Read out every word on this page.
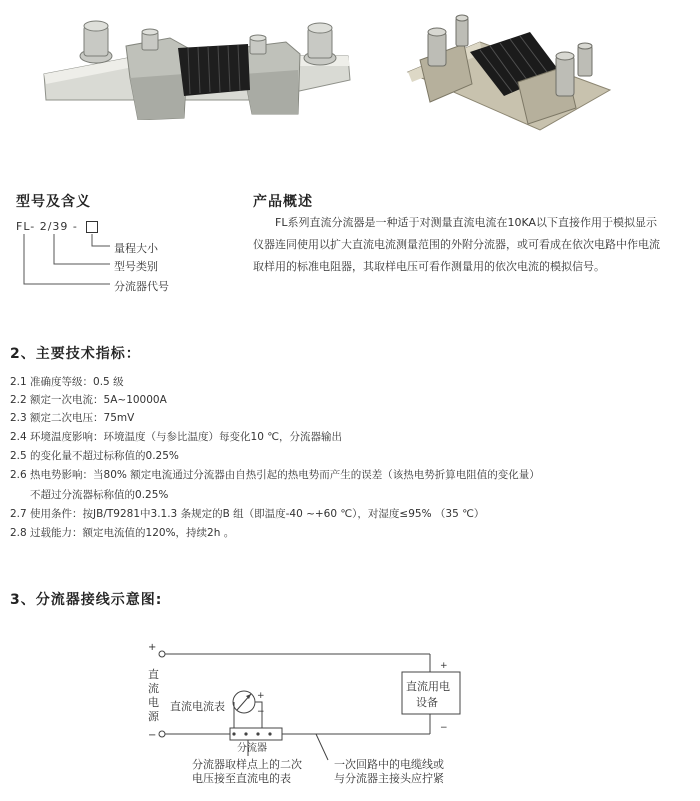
型号及含义
FL- 2/39 -
量程大小
型号类别
分流器代号
产品概述
FL系列直流分流器是一种适于对测量直流电流在10KA以下直接作用于模拟显示
仪器连同使用以扩大直流电流测量范围的外附分流器，或可看成在依次电路中作电流
取样用的标准电阻器，其取样电压可看作测量用的依次电流的模拟信号。
2、主要技术指标：
2.1 准确度等级：0.5 级
2.2 额定一次电流：5A~10000A
2.3 额定二次电压：75mV
2.4 环境温度影响：环境温度（与参比温度）每变化10 ℃，分流器输出
2.5 的变化量不超过标称值的0.25%
2.6 热电势影响：当80% 额定电流通过分流器由自热引起的热电势而产生的误差（该热电势折算电阻值的变化量）
不超过分流器标称值的0.25%
2.7 使用条件：按JB/T9281中3.1.3 条规定的B 组（即温度-40 ~+60 ℃），对湿度≤95% （35 ℃）
2.8 过载能力：额定电流值的120%，持续2h 。
3、分流器接线示意图:
直
流
电
源
+
−
直流电流表
+
−
直流用电
设备
+
−
分流器
分流器取样点上的二次
电压接至直流电的表
一次回路中的电缆线或
与分流器主接头应拧紧
